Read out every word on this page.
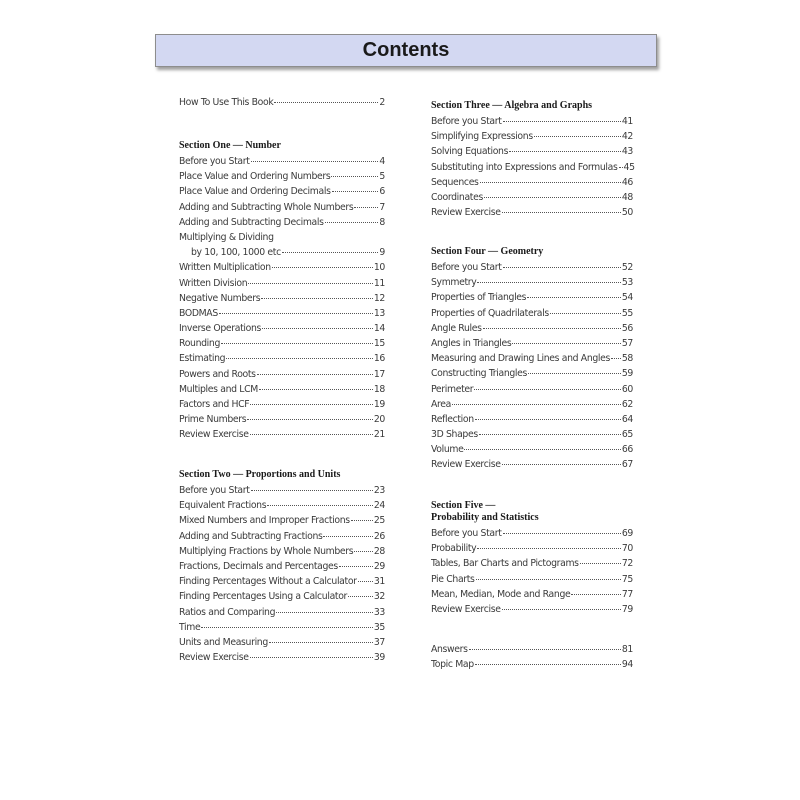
Contents
How To Use This Book	2
Section One — Number
Before you Start	4
Place Value and Ordering Numbers	5
Place Value and Ordering Decimals	6
Adding and Subtracting Whole Numbers	7
Adding and Subtracting Decimals	8
Multiplying & Dividing
by 10, 100, 1000 etc	9
Written Multiplication	10
Written Division	11
Negative Numbers	12
BODMAS	13
Inverse Operations	14
Rounding	15
Estimating	16
Powers and Roots	17
Multiples and LCM	18
Factors and HCF	19
Prime Numbers	20
Review Exercise	21
Section Two — Proportions and Units
Before you Start	23
Equivalent Fractions	24
Mixed Numbers and Improper Fractions	25
Adding and Subtracting Fractions	26
Multiplying Fractions by Whole Numbers 28
Fractions, Decimals and Percentages	29
Finding Percentages Without a Calculator 31
Finding Percentages Using a Calculator	32
Ratios and Comparing	33
Time	35
Units and Measuring	37
Review Exercise	39
Section Three — Algebra and Graphs
Before you Start	41
Simplifying Expressions	42
Solving Equations	43
Substituting into Expressions and Formulas 45
Sequences	46
Coordinates	48
Review Exercise	50
Section Four — Geometry
Before you Start	52
Symmetry	53
Properties of Triangles	54
Properties of Quadrilaterals	55
Angle Rules	56
Angles in Triangles	57
Measuring and Drawing Lines and Angles 58
Constructing Triangles	59
Perimeter	60
Area	62
Reflection	64
3D Shapes	65
Volume	66
Review Exercise	67
Section Five —
Probability and Statistics
Before you Start	69
Probability	70
Tables, Bar Charts and Pictograms	72
Pie Charts	75
Mean, Median, Mode and Range	77
Review Exercise	79
Answers	81
Topic Map	94
